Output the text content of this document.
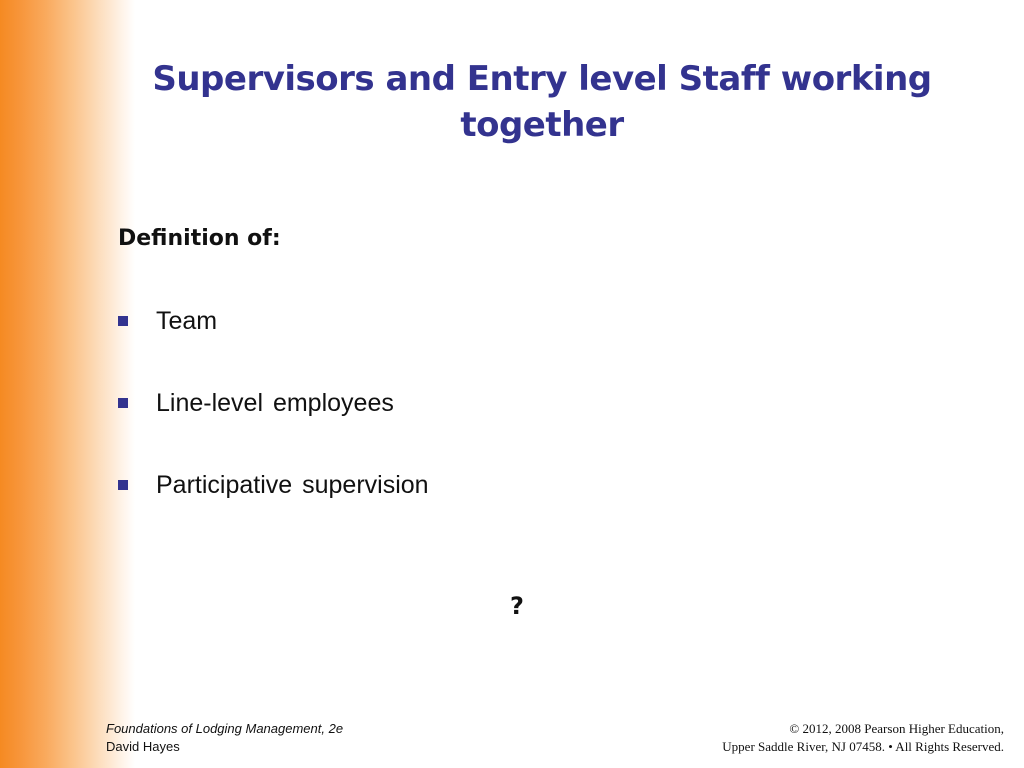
Supervisors and Entry level Staff working together

Definition of:

Team
Line-level employees
Participative supervision

?

Foundations of Lodging Management, 2e
David Hayes
© 2012, 2008 Pearson Higher Education,
Upper Saddle River, NJ 07458. • All Rights Reserved.
